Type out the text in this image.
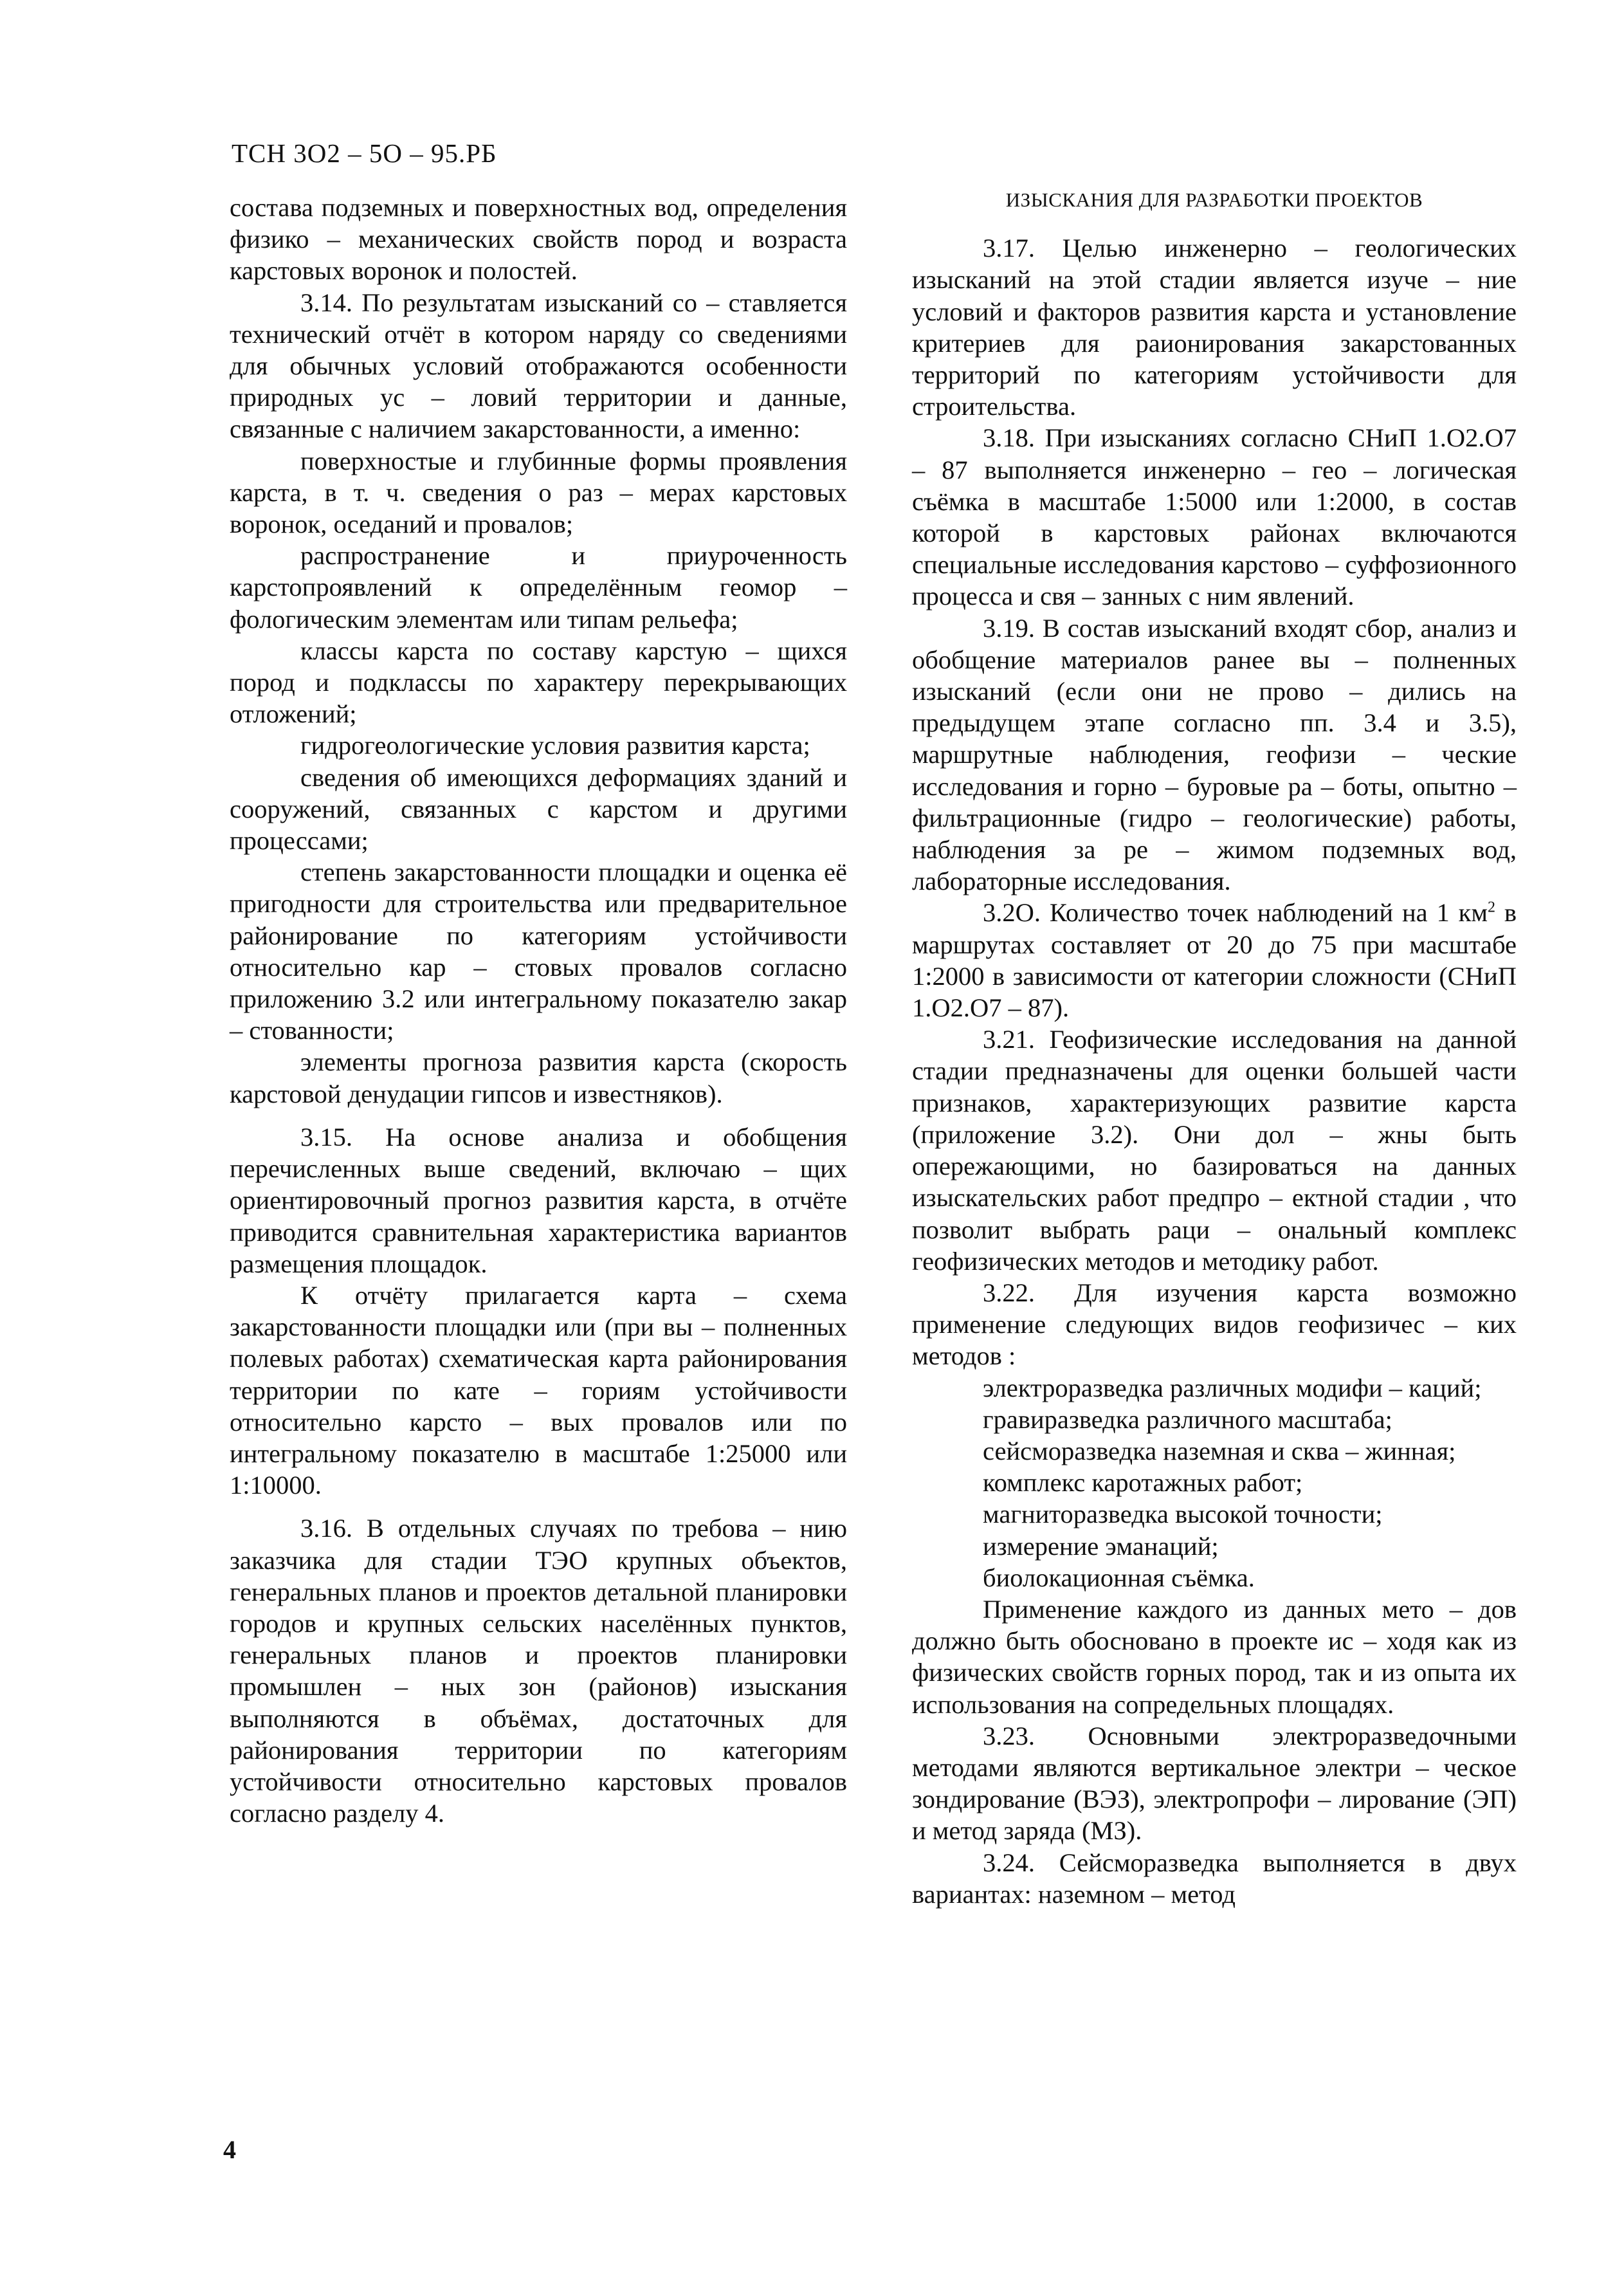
ТСН 3О2 – 5О – 95.РБ

состава подземных и поверхностных вод, определения физико – механических свойств пород и возраста карстовых воронок и полостей.

3.14. По результатам изысканий со – ставляется технический отчёт в котором наряду со сведениями для обычных условий отображаются особенности природных ус – ловий территории и данные, связанные с наличием закарстованности, а именно:

поверхностые и глубинные формы проявления карста, в т. ч. сведения о раз – мерах карстовых воронок, оседаний и провалов;

распространение и приуроченность карстопроявлений к определённым геомор – фологическим элементам или типам рельефа;

классы карста по составу карстую – щихся пород и подклассы по характеру перекрывающих отложений;

гидрогеологические условия развития карста;

сведения об имеющихся деформациях зданий и сооружений, связанных с карстом и другими процессами;

степень закарстованности площадки и оценка её пригодности для строительства или предварительное районирование по категориям устойчивости относительно кар – стовых провалов согласно приложению 3.2 или интегральному показателю закар – стованности;

элементы прогноза развития карста (скорость карстовой денудации гипсов и известняков).

3.15. На основе анализа и обобщения перечисленных выше сведений, включаю – щих ориентировочный прогноз развития карста, в отчёте приводится сравнительная характеристика вариантов размещения площадок.

К отчёту прилагается карта – схема закарстованности площадки или (при вы – полненных полевых работах) схематическая карта районирования территории по кате – гориям устойчивости относительно карсто – вых провалов или по интегральному показателю в масштабе 1:25000 или 1:10000.

3.16. В отдельных случаях по требова – нию заказчика для стадии ТЭО крупных объектов, генеральных планов и проектов детальной планировки городов и крупных сельских населённых пунктов, генеральных планов и проектов планировки промышлен – ных зон (районов) изыскания выполняются в объёмах, достаточных для районирования территории по категориям устойчивости относительно карстовых провалов согласно разделу 4.

ИЗЫСКАНИЯ ДЛЯ РАЗРАБОТКИ ПРОЕКТОВ

3.17. Целью инженерно – геологических изысканий на этой стадии является изуче – ние условий и факторов развития карста и установление критериев для раионирования закарстованных территорий по категориям устойчивости для строительства.

3.18. При изысканиях согласно СНиП 1.О2.О7 – 87 выполняется инженерно – гео – логическая съёмка в масштабе 1:5000 или 1:2000, в состав которой в карстовых районах включаются специальные исследования карстово – суффозионного процесса и свя – занных с ним явлений.

3.19. В состав изысканий входят сбор, анализ и обобщение материалов ранее вы – полненных изысканий (если они не прово – дились на предыдущем этапе согласно пп. 3.4 и 3.5), маршрутные наблюдения, геофизи – ческие исследования и горно – буровые ра – боты, опытно – фильтрационные (гидро – геологические) работы, наблюдения за ре – жимом подземных вод, лабораторные исследования.

3.2О. Количество точек наблюдений на 1 $км^2$ в маршрутах составляет от 20 до 75 при масштабе 1:2000 в зависимости от категории сложности (СНиП 1.О2.О7 – 87).

3.21. Геофизические исследования на данной стадии предназначены для оценки большей части признаков, характеризующих развитие карста (приложение 3.2). Они дол – жны быть опережающими, но базироваться на данных изыскательских работ предпро – ектной стадии , что позволит выбрать раци – ональный комплекс геофизических методов и методику работ.

3.22. Для изучения карста возможно применение следующих видов геофизичес – ких методов :

электроразведка различных модифи – каций;

гравиразведка различного масштаба;

сейсморазведка наземная и сква – жинная;

комплекс каротажных работ;

магниторазведка высокой точности;

измерение эманаций;

биолокационная съёмка.

Применение каждого из данных мето – дов должно быть обосновано в проекте ис – ходя как из физических свойств горных пород, так и из опыта их использования на сопредельных площадях.

3.23. Основными электроразведочными методами являются вертикальное электри – ческое зондирование (ВЭЗ), электропрофи – лирование (ЭП) и метод заряда (МЗ).

3.24. Сейсморазведка выполняется в двух вариантах: наземном – метод

4
